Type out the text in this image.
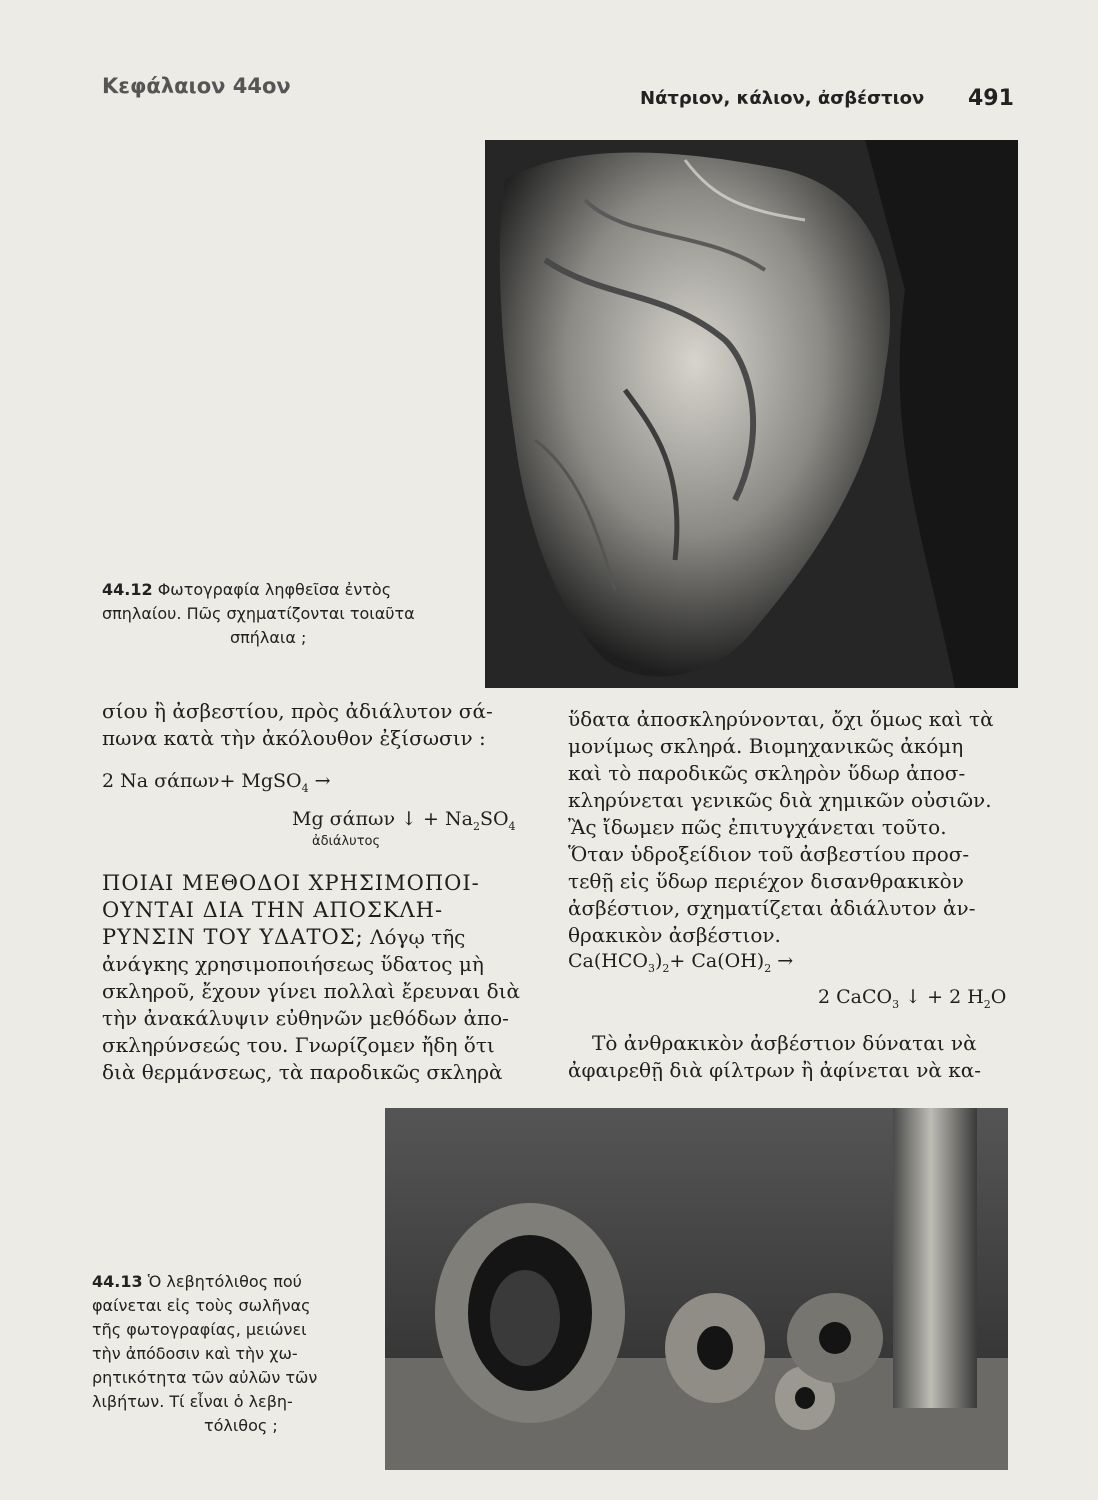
Κεφάλαιον 44ον
Νάτριον, κάλιον, ἀσβέστιον 491
44.12 Φωτογραφία ληφθεῖσα ἐντὸς
σπηλαίου. Πῶς σχηματίζονται τοιαῦτα
σπήλαια ;
σίου ἢ ἀσβεστίου, πρὸς ἀδιάλυτον σά-
πωνα κατὰ τὴν ἀκόλουθον ἐξίσωσιν :
2 Na σάπων+ MgSO$_4$ →
Mg σάπων ↓ + $Na_2SO_4$
ἀδιάλυτος
ΠΟΙΑΙ ΜΕΘΟΔΟΙ ΧΡΗΣΙΜΟΠΟΙ-
ΟΥΝΤΑΙ ΔΙΑ ΤΗΝ ΑΠΟΣΚΛΗ-
ΡΥΝΣΙΝ ΤΟΥ ΥΔΑΤΟΣ; Λόγῳ τῆς
ἀνάγκης χρησιμοποιήσεως ὕδατος μὴ
σκληροῦ, ἔχουν γίνει πολλαὶ ἔρευναι διὰ
τὴν ἀνακάλυψιν εὐθηνῶν μεθόδων ἀπο-
σκληρύνσεώς του. Γνωρίζομεν ἤδη ὅτι
διὰ θερμάνσεως, τὰ παροδικῶς σκληρὰ
ὕδατα ἀποσκληρύνονται, ὄχι ὅμως καὶ τὰ
μονίμως σκληρά. Βιομηχανικῶς ἀκόμη
καὶ τὸ παροδικῶς σκληρὸν ὕδωρ ἀποσ-
κληρύνεται γενικῶς διὰ χημικῶν οὐσιῶν.
Ἂς ἴδωμεν πῶς ἐπιτυγχάνεται τοῦτο.
Ὅταν ὑδροξείδιον τοῦ ἀσβεστίου προσ-
τεθῇ εἰς ὕδωρ περιέχον δισανθρακικὸν
ἀσβέστιον, σχηματίζεται ἀδιάλυτον ἀν-
θρακικὸν ἀσβέστιον.
$Ca(HCO_3)_2+ Ca(OH)_2$ →
2 CaCO$_3$ ↓ + 2 $H_2O$
Τὸ ἀνθρακικὸν ἀσβέστιον δύναται νὰ
ἀφαιρεθῇ διὰ φίλτρων ἢ ἀφίνεται νὰ κα-
44.13 Ὁ λεβητόλιθος πού
φαίνεται εἰς τοὺς σωλῆνας
τῆς φωτογραφίας, μειώνει
τὴν ἀπόδοσιν καὶ τὴν χω-
ρητικότητα τῶν αὐλῶν τῶν
λιβήτων. Τί εἶναι ὁ λεβη-
τόλιθος ;
